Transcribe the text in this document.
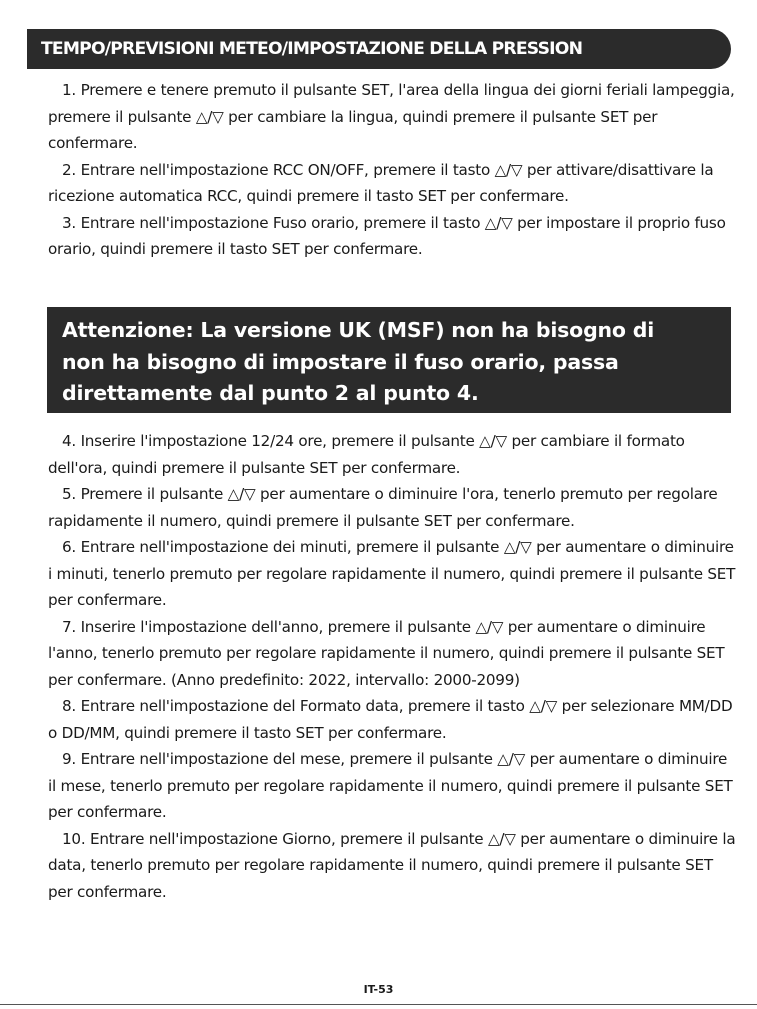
TEMPO/PREVISIONI METEO/IMPOSTAZIONE DELLA PRESSION

1. Premere e tenere premuto il pulsante SET, l'area della lingua dei giorni feriali lampeggia, premere il pulsante △/▽ per cambiare la lingua, quindi premere il pulsante SET per confermare.

2. Entrare nell'impostazione RCC ON/OFF, premere il tasto △/▽ per attivare/disattivare la ricezione automatica RCC, quindi premere il tasto SET per confermare.

3. Entrare nell'impostazione Fuso orario, premere il tasto △/▽ per impostare il proprio fuso orario, quindi premere il tasto SET per confermare.

Attenzione: La versione UK (MSF) non ha bisogno di

non ha bisogno di impostare il fuso orario, passa

direttamente dal punto 2 al punto 4.

4. Inserire l'impostazione 12/24 ore, premere il pulsante △/▽ per cambiare il formato dell'ora, quindi premere il pulsante SET per confermare.

5. Premere il pulsante △/▽ per aumentare o diminuire l'ora, tenerlo premuto per regolare rapidamente il numero, quindi premere il pulsante SET per confermare.

6. Entrare nell'impostazione dei minuti, premere il pulsante △/▽ per aumentare o diminuire i minuti, tenerlo premuto per regolare rapidamente il numero, quindi premere il pulsante SET per confermare.

7. Inserire l'impostazione dell'anno, premere il pulsante △/▽ per aumentare o diminuire l'anno, tenerlo premuto per regolare rapidamente il numero, quindi premere il pulsante SET per confermare. (Anno predefinito: 2022, intervallo: 2000-2099)

8. Entrare nell'impostazione del Formato data, premere il tasto △/▽ per selezionare MM/DD o DD/MM, quindi premere il tasto SET per confermare.

9. Entrare nell'impostazione del mese, premere il pulsante △/▽ per aumentare o diminuire il mese, tenerlo premuto per regolare rapidamente il numero, quindi premere il pulsante SET per confermare.

10. Entrare nell'impostazione Giorno, premere il pulsante △/▽ per aumentare o diminuire la data, tenerlo premuto per regolare rapidamente il numero, quindi premere il pulsante SET per confermare.

IT-53
